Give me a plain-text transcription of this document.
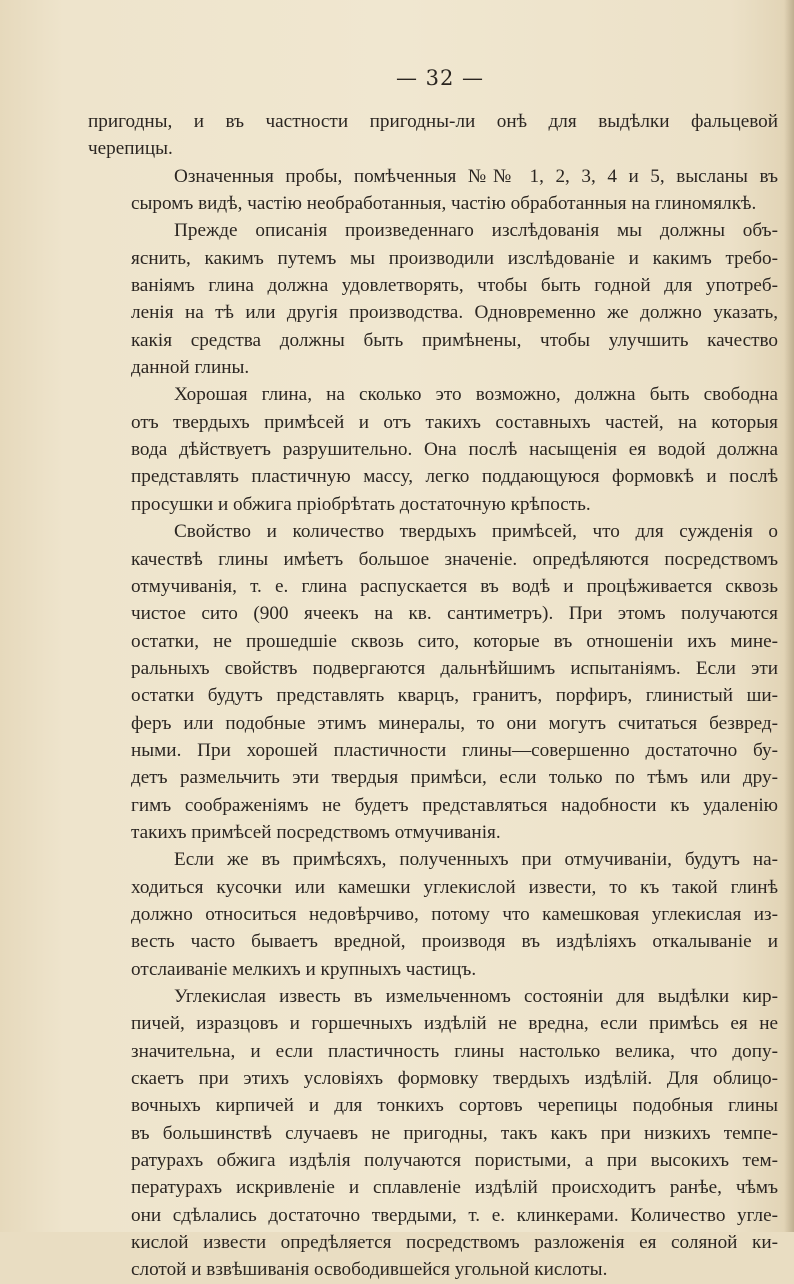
— 32 —
пригодны, и въ частности пригодны-ли онѣ для выдѣлки фальцевой
черепицы.
Означенныя пробы, помѣченныя №№ 1, 2, 3, 4 и 5, высланы въ
сыромъ видѣ, частію необработанныя, частію обработанныя на глиномялкѣ.
Прежде описанія произведеннаго изслѣдованія мы должны объ-
яснить, какимъ путемъ мы производили изслѣдованіе и какимъ требо-
ваніямъ глина должна удовлетворять, чтобы быть годной для употреб-
ленія на тѣ или другія производства. Одновременно же должно указать,
какія средства должны быть примѣнены, чтобы улучшить качество
данной глины.
Хорошая глина, на сколько это возможно, должна быть свободна
отъ твердыхъ примѣсей и отъ такихъ составныхъ частей, на которыя
вода дѣйствуетъ разрушительно. Она послѣ насыщенія ея водой должна
представлять пластичную массу, легко поддающуюся формовкѣ и послѣ
просушки и обжига пріобрѣтать достаточную крѣпость.
Свойство и количество твердыхъ примѣсей, что для сужденія о
качествѣ глины имѣетъ большое значеніе. опредѣляются посредствомъ
отмучиванія, т. е. глина распускается въ водѣ и процѣживается сквозь
чистое сито (900 ячеекъ на кв. сантиметръ). При этомъ получаются
остатки, не прошедшіе сквозь сито, которые въ отношеніи ихъ мине-
ральныхъ свойствъ подвергаются дальнѣйшимъ испытаніямъ. Если эти
остатки будутъ представлять кварцъ, гранитъ, порфиръ, глинистый ши-
феръ или подобные этимъ минералы, то они могутъ считаться безвред-
ными. При хорошей пластичности глины—совершенно достаточно бу-
детъ размельчить эти твердыя примѣси, если только по тѣмъ или дру-
гимъ соображеніямъ не будетъ представляться надобности къ удаленію
такихъ примѣсей посредствомъ отмучиванія.
Если же въ примѣсяхъ, полученныхъ при отмучиваніи, будутъ на-
ходиться кусочки или камешки углекислой извести, то къ такой глинѣ
должно относиться недовѣрчиво, потому что камешковая углекислая из-
весть часто бываетъ вредной, производя въ издѣліяхъ откалываніе и
отслаиваніе мелкихъ и крупныхъ частицъ.
Углекислая известь въ измельченномъ состояніи для выдѣлки кир-
пичей, изразцовъ и горшечныхъ издѣлій не вредна, если примѣсь ея не
значительна, и если пластичность глины настолько велика, что допу-
скаетъ при этихъ условіяхъ формовку твердыхъ издѣлій. Для облицо-
вочныхъ кирпичей и для тонкихъ сортовъ черепицы подобныя глины
въ большинствѣ случаевъ не пригодны, такъ какъ при низкихъ темпе-
ратурахъ обжига издѣлія получаются пористыми, а при высокихъ тем-
пературахъ искривленіе и сплавленіе издѣлій происходитъ ранѣе, чѣмъ
они сдѣлались достаточно твердыми, т. е. клинкерами. Количество угле-
кислой извести опредѣляется посредствомъ разложенія ея соляной ки-
слотой и взвѣшиванія освободившейся угольной кислоты.
